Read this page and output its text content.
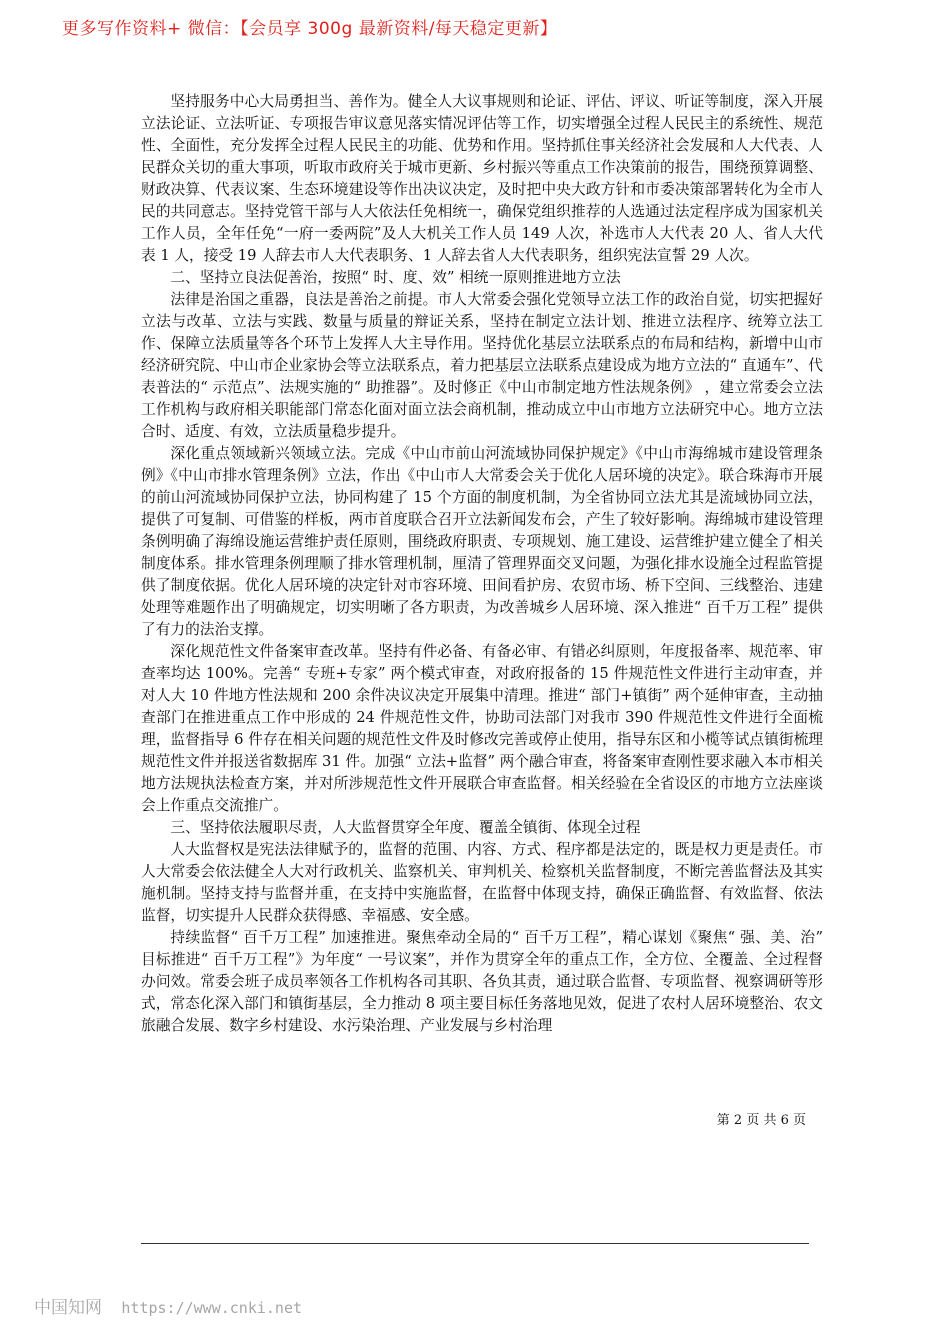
更多写作资料+ 微信：【会员享 300g 最新资料/每天稳定更新】

坚持服务中心大局勇担当、善作为。健全人大议事规则和论证、评估、评议、听证等制度，深入开展立法论证、立法听证、专项报告审议意见落实情况评估等工作，切实增强全过程人民民主的系统性、规范性、全面性，充分发挥全过程人民民主的功能、优势和作用。坚持抓住事关经济社会发展和人大代表、人民群众关切的重大事项，听取市政府关于城市更新、乡村振兴等重点工作决策前的报告，围绕预算调整、财政决算、代表议案、生态环境建设等作出决议决定，及时把中央大政方针和市委决策部署转化为全市人民的共同意志。坚持党管干部与人大依法任免相统一，确保党组织推荐的人选通过法定程序成为国家机关工作人员，全年任免“一府一委两院”及人大机关工作人员 149 人次，补选市人大代表 20 人、省人大代表 1 人，接受 19 人辞去市人大代表职务、1 人辞去省人大代表职务，组织宪法宣誓 29 人次。

二、坚持立良法促善治，按照“ 时、度、效” 相统一原则推进地方立法

法律是治国之重器，良法是善治之前提。市人大常委会强化党领导立法工作的政治自觉，切实把握好立法与改革、立法与实践、数量与质量的辩证关系，坚持在制定立法计划、推进立法程序、统筹立法工作、保障立法质量等各个环节上发挥人大主导作用。坚持优化基层立法联系点的布局和结构，新增中山市经济研究院、中山市企业家协会等立法联系点，着力把基层立法联系点建设成为地方立法的“ 直通车”、代表普法的“ 示范点”、法规实施的“ 助推器”。及时修正《中山市制定地方性法规条例》 ，建立常委会立法工作机构与政府相关职能部门常态化面对面立法会商机制，推动成立中山市地方立法研究中心。地方立法合时、适度、有效，立法质量稳步提升。

深化重点领域新兴领域立法。完成《中山市前山河流域协同保护规定》《中山市海绵城市建设管理条例》《中山市排水管理条例》立法，作出《中山市人大常委会关于优化人居环境的决定》。联合珠海市开展的前山河流域协同保护立法，协同构建了 15 个方面的制度机制，为全省协同立法尤其是流域协同立法，提供了可复制、可借鉴的样板，两市首度联合召开立法新闻发布会，产生了较好影响。海绵城市建设管理条例明确了海绵设施运营维护责任原则，围绕政府职责、专项规划、施工建设、运营维护建立健全了相关制度体系。排水管理条例理顺了排水管理机制，厘清了管理界面交叉问题，为强化排水设施全过程监管提供了制度依据。优化人居环境的决定针对市容环境、田间看护房、农贸市场、桥下空间、三线整治、违建处理等难题作出了明确规定，切实明晰了各方职责，为改善城乡人居环境、深入推进“ 百千万工程” 提供了有力的法治支撑。

深化规范性文件备案审查改革。坚持有件必备、有备必审、有错必纠原则，年度报备率、规范率、审查率均达 100%。完善“ 专班+专家” 两个模式审查，对政府报备的 15 件规范性文件进行主动审查，并对人大 10 件地方性法规和 200 余件决议决定开展集中清理。推进“ 部门+镇街” 两个延伸审查，主动抽查部门在推进重点工作中形成的 24 件规范性文件，协助司法部门对我市 390 件规范性文件进行全面梳理，监督指导 6 件存在相关问题的规范性文件及时修改完善或停止使用，指导东区和小榄等试点镇街梳理规范性文件并报送省数据库 31 件。加强“ 立法+监督” 两个融合审查，将备案审查刚性要求融入本市相关地方法规执法检查方案，并对所涉规范性文件开展联合审查监督。相关经验在全省设区的市地方立法座谈会上作重点交流推广。

三、坚持依法履职尽责，人大监督贯穿全年度、覆盖全镇街、体现全过程

人大监督权是宪法法律赋予的，监督的范围、内容、方式、程序都是法定的，既是权力更是责任。市人大常委会依法健全人大对行政机关、监察机关、审判机关、检察机关监督制度，不断完善监督法及其实施机制。坚持支持与监督并重，在支持中实施监督，在监督中体现支持，确保正确监督、有效监督、依法监督，切实提升人民群众获得感、幸福感、安全感。

持续监督“ 百千万工程” 加速推进。聚焦牵动全局的“ 百千万工程”，精心谋划《聚焦“ 强、美、治” 目标推进“ 百千万工程”》为年度“ 一号议案”，并作为贯穿全年的重点工作，全方位、全覆盖、全过程督办问效。常委会班子成员率领各工作机构各司其职、各负其责，通过联合监督、专项监督、视察调研等形式，常态化深入部门和镇街基层，全力推动 8 项主要目标任务落地见效，促进了农村人居环境整治、农文旅融合发展、数字乡村建设、水污染治理、产业发展与乡村治理

第 2 页 共 6 页
中国知网 https://www.cnki.net
